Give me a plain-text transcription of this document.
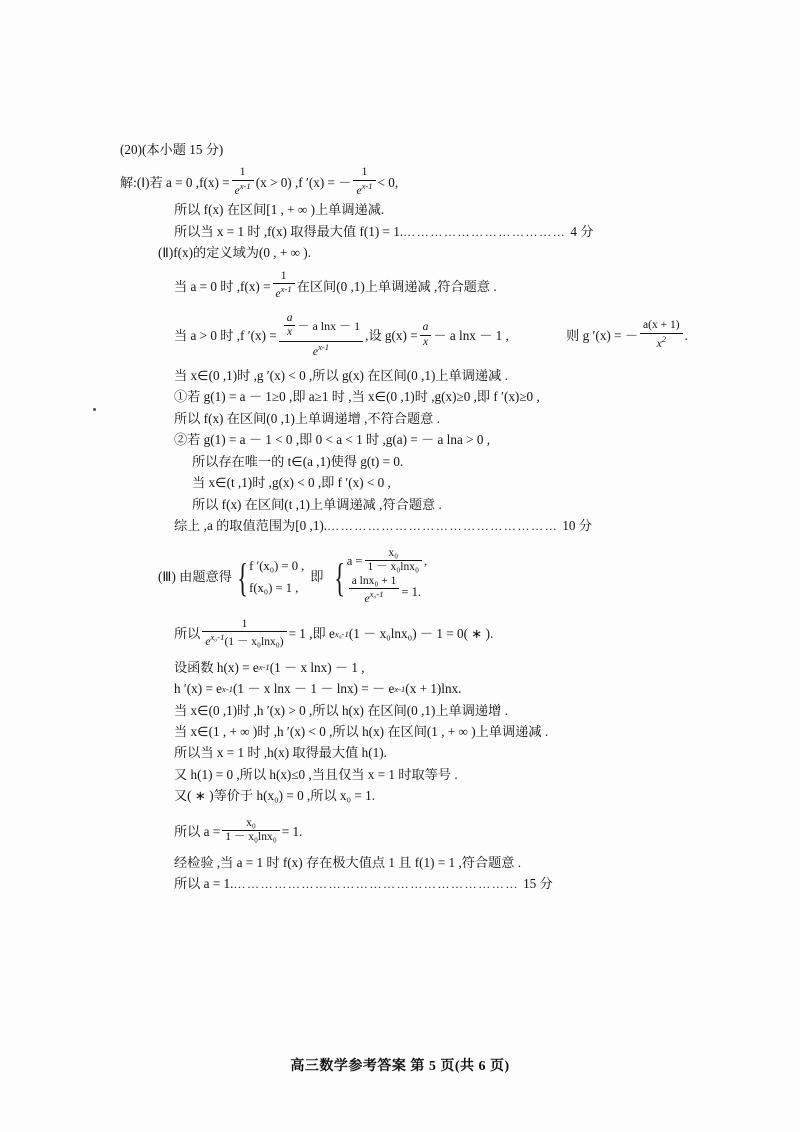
(20)(本小题 15 分)
解:(Ⅰ)若 a = 0 $,f(x) = \frac{1}{e^{x-1}} (x > 0)$ ,f ′(x) = － $\frac{1}{e^{x-1}} < 0$,
所以 f(x) 在区间[1 , + ∞ )上单调递减.
所以当 x = 1 时 ,f(x) 取得最大值 f(1) = 1. ……………………………… 4 分
(Ⅱ)f(x)的定义域为(0 , + ∞ ).
当 a = 0 时 $,f(x) = \frac{1}{e^{x-1}}$ 在区间(0 ,1)上单调递减 ,符合题意 .

当 a > 0 时 ,f $'(x) = \frac{\frac{a}{x} - a \ln x - 1}{e^{x-1}}$ ,设 $g(x) = \frac{a}{x} - a$ lnx － 1 ,
	则 g ′(x) = － $\frac{a(x + 1)}{x^2}$ .
当 x∈(0 ,1)时 ,g ′(x) < 0 ,所以 g(x) 在区间(0 ,1)上单调递减 .
①若 g(1) = a － 1≥0 ,即 a≥1 时 ,当 x∈(0 ,1)时 ,g(x)≥0 ,即 f ′(x)≥0 ,
所以 f(x) 在区间(0 ,1)上单调递增 ,不符合题意 .
②若 g(1) = a － 1 < 0 ,即 0 < a < 1 时 ,g(a) = － a lna > 0 ,
所以存在唯一的 t∈(a ,1)使得 g(t) = 0.
当 x∈(t ,1)时 ,g(x) < 0 ,即 f ′(x) < 0 ,
所以 f(x) 在区间(t ,1)上单调递减 ,符合题意 .
综上 ,a 的取值范围为[0 ,1). …………………………………………… 10 分

(Ⅲ) 由题意得 { f ′(x₀) = 0 ,
f(x₀) = 1 ,
即 { $a = \frac{\text{x₀}}{\text{1 － x₀lnx₀}}$ ,
$\frac{\text{a lnx₀ + 1}}{e^{x_0-1}} = 1$.

所以 $\frac{1}{e^{x_0-1}(1 - x_0\ln x_0)} = 1$ ,即 e x₀-1 (1 － x₀lnx₀) － 1 = 0( ∗ ).

设函数 h(x) = e x-1 (1 － x lnx) － 1 ,

h ′(x) = e x-1 (1 － x lnx － 1 － lnx) = － e x-1 (x + 1)lnx.
当 x∈(0 ,1)时 ,h ′(x) > 0 ,所以 h(x) 在区间(0 ,1)上单调递增 .
当 x∈(1 , + ∞ )时 ,h ′(x) < 0 ,所以 h(x) 在区间(1 , + ∞ )上单调递减 .
所以当 x = 1 时 ,h(x) 取得最大值 h(1).
又 h(1) = 0 ,所以 h(x)≤0 ,当且仅当 x = 1 时取等号 .
又( ∗ )等价于 h(x₀) = 0 ,所以 x₀ = 1.
所以 $a = \frac{\text{x₀}}{\text{1 － x₀lnx₀}} = 1$.
经检验 ,当 a = 1 时 f(x) 存在极大值点 1 且 f(1) = 1 ,符合题意 .
所以 a = 1. ……………………………………………………… 15 分
高三数学参考答案 第 5 页(共 6 页)
